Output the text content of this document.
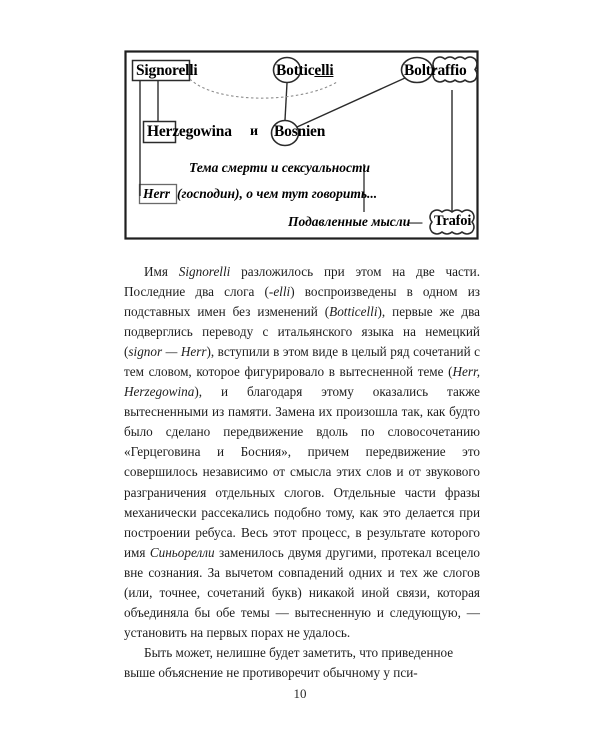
Signorelli	Botticelli	Boltraffio
Herzegowina и Bosnien
Тема смерти и сексуальности
Herr (господин), о чем тут говорить...
Подавленные мысли
— Trafoi

Имя Signorelli разложилось при этом на две части. Последние два слога (-elli) воспроизведены в одном из подставных имен без изменений (Botticelli), первые же два подверглись переводу с итальянского языка на немецкий (signor — Herr), вступили в этом виде в целый ряд сочетаний с тем словом, которое фигурировало в вытесненной теме (Herr, Herzegowina), и благодаря этому оказались также вытесненными из памяти. Замена их произошла так, как будто было сделано передвижение вдоль по словосочетанию «Герцеговина и Босния», причем передвижение это совершилось независимо от смысла этих слов и от звукового разграничения отдельных слогов. Отдельные части фразы механически рассекались подобно тому, как это делается при построении ребуса. Весь этот процесс, в результате которого имя Синьорелли заменилось двумя другими, протекал всецело вне сознания. За вычетом совпадений одних и тех же слогов (или, точнее, сочетаний букв) никакой иной связи, которая объединяла бы обе темы — вытесненную и следующую, — установить на первых порах не удалось.

Быть может, нелишне будет заметить, что приведенное выше объяснение не противоречит обычному у пси-

10
